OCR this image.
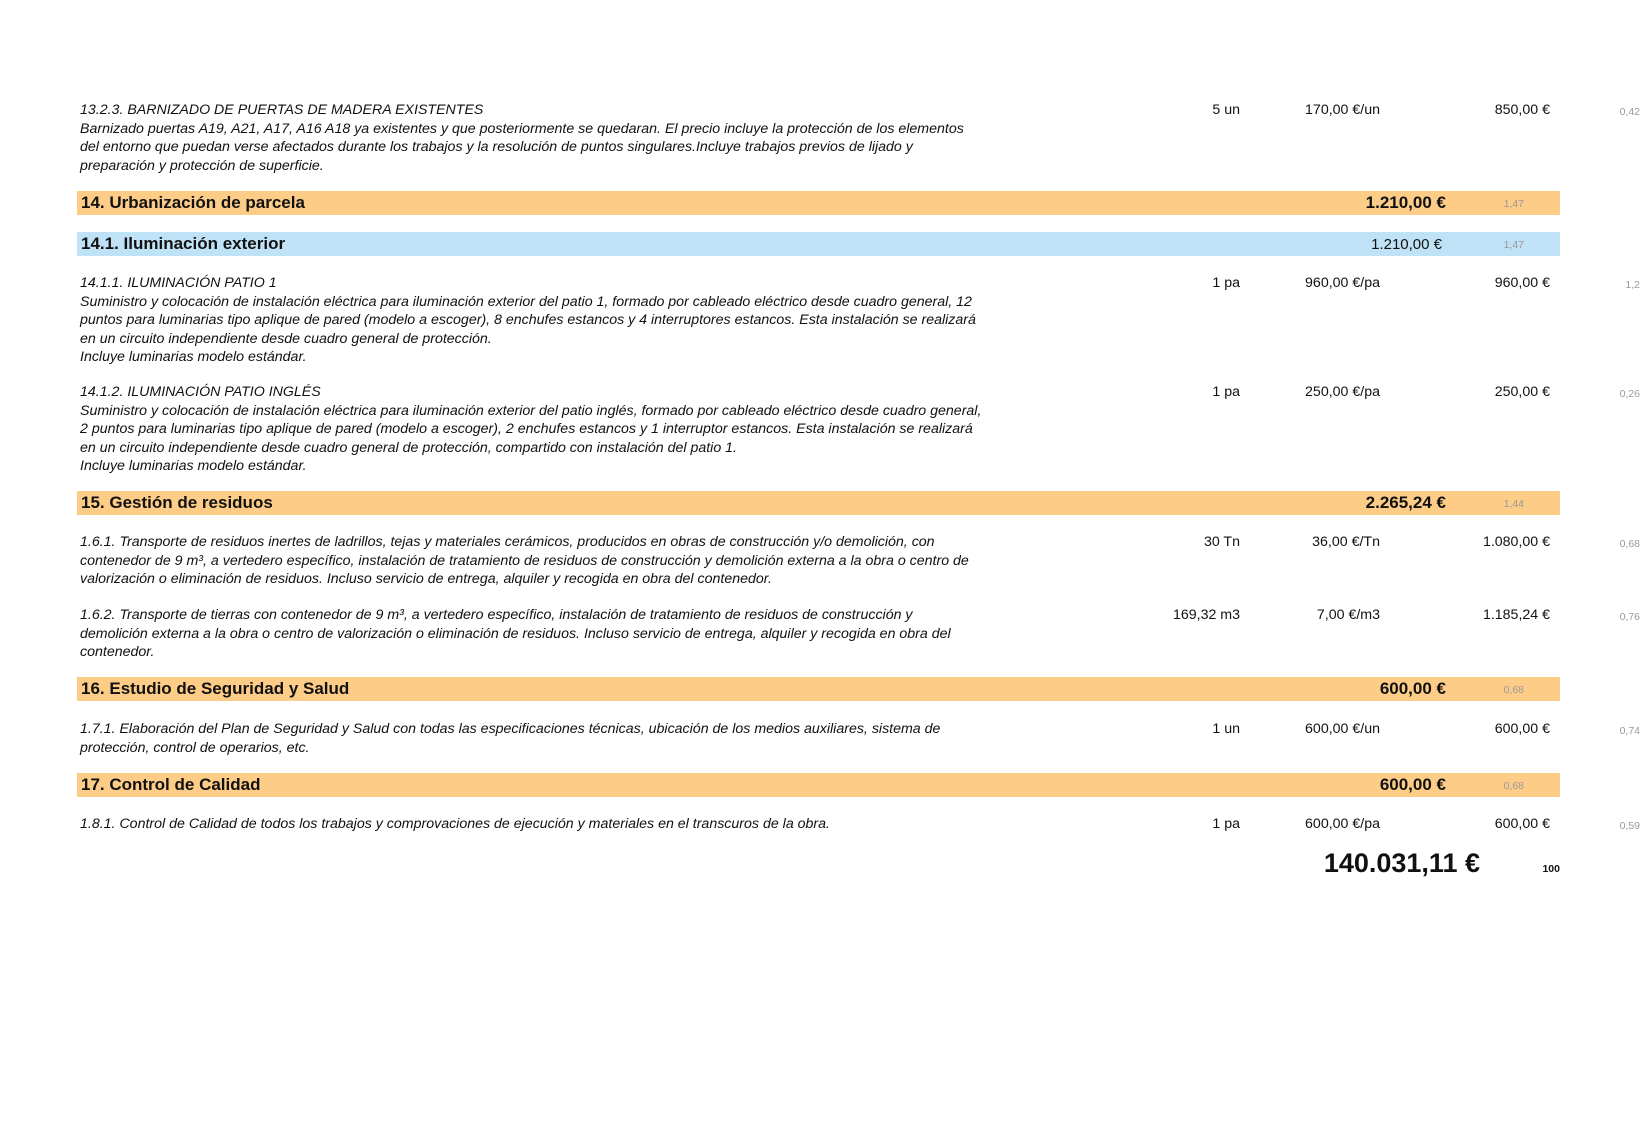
13.2.3. BARNIZADO DE PUERTAS DE MADERA EXISTENTES
Barnizado puertas A19, A21, A17, A16 A18 ya existentes y que posteriormente se quedaran. El precio incluye la protección de los elementos
del entorno que puedan verse afectados durante los trabajos y la resolución de puntos singulares.Incluye trabajos previos de lijado y
preparación y protección de superficie.
5 un	170,00 €/un	850,00 €	0,42
14. Urbanización de parcela	1.210,00 €	1,47
14.1. Iluminación exterior	1.210,00 €	1,47
14.1.1. ILUMINACIÓN PATIO 1
Suministro y colocación de instalación eléctrica para iluminación exterior del patio 1, formado por cableado eléctrico desde cuadro general, 12
puntos para luminarias tipo aplique de pared (modelo a escoger), 8 enchufes estancos y 4 interruptores estancos. Esta instalación se realizará
en un circuito independiente desde cuadro general de protección.
Incluye luminarias modelo estándar.
1 pa	960,00 €/pa	960,00 €	1,2
14.1.2. ILUMINACIÓN PATIO INGLÉS
Suministro y colocación de instalación eléctrica para iluminación exterior del patio inglés, formado por cableado eléctrico desde cuadro general,
2 puntos para luminarias tipo aplique de pared (modelo a escoger), 2 enchufes estancos y 1 interruptor estancos. Esta instalación se realizará
en un circuito independiente desde cuadro general de protección, compartido con instalación del patio 1.
Incluye luminarias modelo estándar.
1 pa	250,00 €/pa	250,00 €	0,26
15. Gestión de residuos	2.265,24 €	1,44
1.6.1. Transporte de residuos inertes de ladrillos, tejas y materiales cerámicos, producidos en obras de construcción y/o demolición, con
contenedor de 9 m³, a vertedero específico, instalación de tratamiento de residuos de construcción y demolición externa a la obra o centro de
valorización o eliminación de residuos. Incluso servicio de entrega, alquiler y recogida en obra del contenedor.
30 Tn	36,00 €/Tn	1.080,00 €	0,68
1.6.2. Transporte de tierras con contenedor de 9 m³, a vertedero específico, instalación de tratamiento de residuos de construcción y
demolición externa a la obra o centro de valorización o eliminación de residuos. Incluso servicio de entrega, alquiler y recogida en obra del
contenedor.
169,32 m3	7,00 €/m3	1.185,24 €	0,76
16. Estudio de Seguridad y Salud	600,00 €	0,68
1.7.1. Elaboración del Plan de Seguridad y Salud con todas las especificaciones técnicas, ubicación de los medios auxiliares, sistema de
protección, control de operarios, etc.
1 un	600,00 €/un	600,00 €	0,74
17. Control de Calidad	600,00 €	0,68
1.8.1. Control de Calidad de todos los trabajos y comprovaciones de ejecución y materiales en el transcuros de la obra.	1 pa	600,00 €/pa	600,00 €	0,59
140.031,11 €	100
